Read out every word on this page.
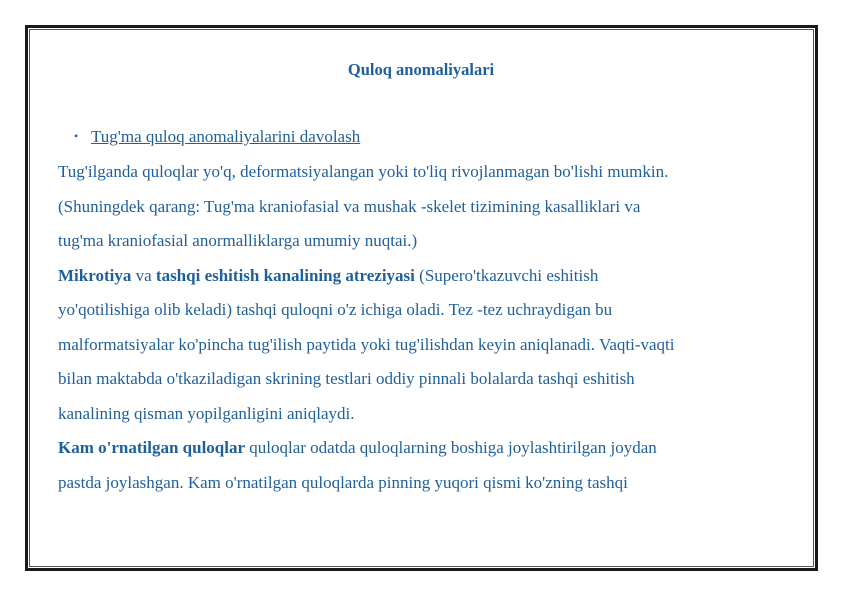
Quloq anomaliyalari
• Tug'ma quloq anomaliyalarini davolash
Tug'ilganda quloqlar yo'q, deformatsiyalangan yoki to'liq rivojlanmagan bo'lishi mumkin.
(Shuningdek qarang: Tug'ma kraniofasial va mushak -skelet tizimining kasalliklari va
tug'ma kraniofasial anormalliklarga umumiy nuqtai.)
Mikrotiya va tashqi eshitish kanalining atreziyasi (Supero'tkazuvchi eshitish
yo'qotilishiga olib keladi) tashqi quloqni o'z ichiga oladi. Tez -tez uchraydigan bu
malformatsiyalar ko'pincha tug'ilish paytida yoki tug'ilishdan keyin aniqlanadi. Vaqti-vaqti
bilan maktabda o'tkaziladigan skrining testlari oddiy pinnali bolalarda tashqi eshitish
kanalining qisman yopilganligini aniqlaydi.
Kam o'rnatilgan quloqlar quloqlar odatda quloqlarning boshiga joylashtirilgan joydan
pastda joylashgan. Kam o'rnatilgan quloqlarda pinning yuqori qismi ko'zning tashqi
